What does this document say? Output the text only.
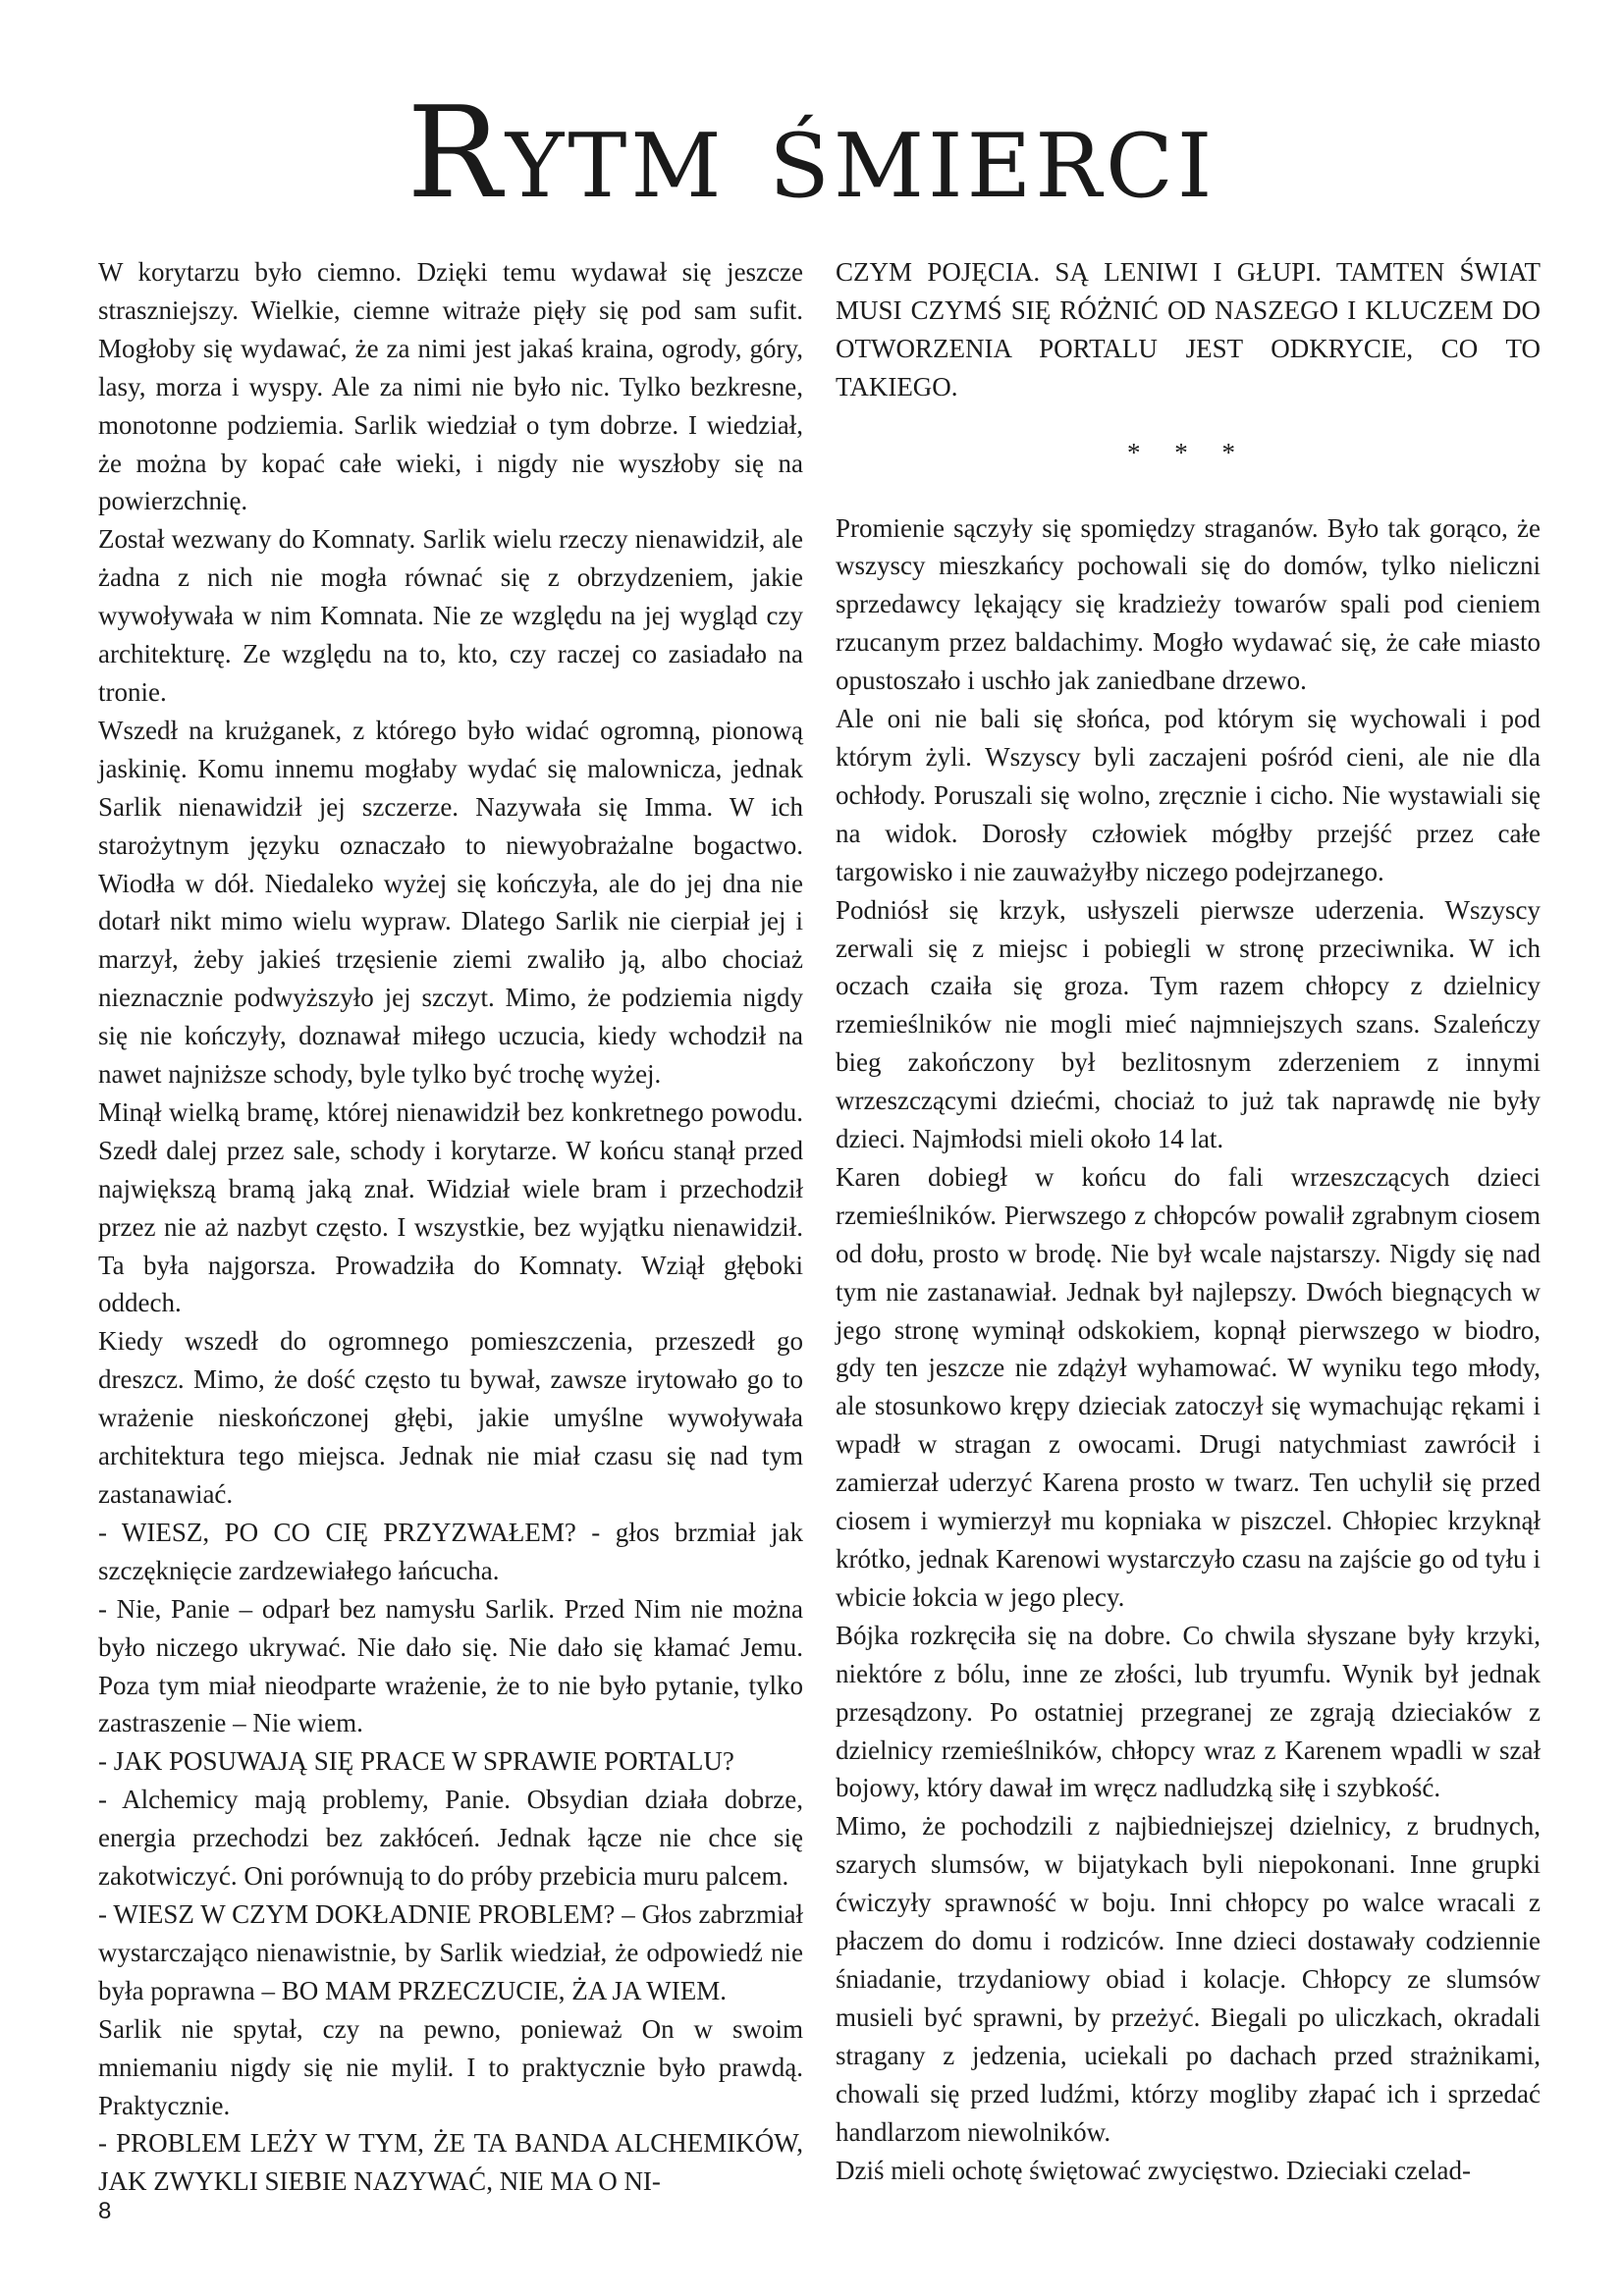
Rytm śmierci

W korytarzu było ciemno. Dzięki temu wydawał się jeszcze straszniejszy. Wielkie, ciemne witraże pięły się pod sam sufit. Mogłoby się wydawać, że za nimi jest jakaś kraina, ogrody, góry, lasy, morza i wyspy. Ale za nimi nie było nic. Tylko bezkresne, monotonne podziemia. Sarlik wiedział o tym dobrze. I wiedział, że można by kopać całe wieki, i nigdy nie wyszłoby się na powierzchnię.

Został wezwany do Komnaty. Sarlik wielu rzeczy nienawidził, ale żadna z nich nie mogła równać się z obrzydzeniem, jakie wywoływała w nim Komnata. Nie ze względu na jej wygląd czy architekturę. Ze względu na to, kto, czy raczej co zasiadało na tronie.

Wszedł na krużganek, z którego było widać ogromną, pionową jaskinię. Komu innemu mogłaby wydać się malownicza, jednak Sarlik nienawidził jej szczerze. Nazywała się Imma. W ich starożytnym języku oznaczało to niewyobrażalne bogactwo. Wiodła w dół. Niedaleko wyżej się kończyła, ale do jej dna nie dotarł nikt mimo wielu wypraw. Dlatego Sarlik nie cierpiał jej i marzył, żeby jakieś trzęsienie ziemi zwaliło ją, albo chociaż nieznacznie podwyższyło jej szczyt. Mimo, że podziemia nigdy się nie kończyły, doznawał miłego uczucia, kiedy wchodził na nawet najniższe schody, byle tylko być trochę wyżej.

Minął wielką bramę, której nienawidził bez konkretnego powodu. Szedł dalej przez sale, schody i korytarze. W końcu stanął przed największą bramą jaką znał. Widział wiele bram i przechodził przez nie aż nazbyt często. I wszystkie, bez wyjątku nienawidził. Ta była najgorsza. Prowadziła do Komnaty. Wziął głęboki oddech.

Kiedy wszedł do ogromnego pomieszczenia, przeszedł go dreszcz. Mimo, że dość często tu bywał, zawsze irytowało go to wrażenie nieskończonej głębi, jakie umyślne wywoływała architektura tego miejsca. Jednak nie miał czasu się nad tym zastanawiać.

- WIESZ, PO CO CIĘ PRZYZWAŁEM? - głos brzmiał jak szczęknięcie zardzewiałego łańcucha.

- Nie, Panie – odparł bez namysłu Sarlik. Przed Nim nie można było niczego ukrywać. Nie dało się. Nie dało się kłamać Jemu. Poza tym miał nieodparte wrażenie, że to nie było pytanie, tylko zastraszenie – Nie wiem.

- JAK POSUWAJĄ SIĘ PRACE W SPRAWIE PORTALU?

- Alchemicy mają problemy, Panie. Obsydian działa dobrze, energia przechodzi bez zakłóceń. Jednak łącze nie chce się zakotwiczyć. Oni porównują to do próby przebicia muru palcem.

- WIESZ W CZYM DOKŁADNIE PROBLEM? – Głos zabrzmiał wystarczająco nienawistnie, by Sarlik wiedział, że odpowiedź nie była poprawna – BO MAM PRZECZUCIE, ŻA JA WIEM.

Sarlik nie spytał, czy na pewno, ponieważ On w swoim mniemaniu nigdy się nie mylił. I to praktycznie było prawdą. Praktycznie.

- PROBLEM LEŻY W TYM, ŻE TA BANDA ALCHEMIKÓW, JAK ZWYKLI SIEBIE NAZYWAĆ, NIE MA O NI-

CZYM POJĘCIA. SĄ LENIWI I GŁUPI. TAMTEN ŚWIAT MUSI CZYMŚ SIĘ RÓŻNIĆ OD NASZEGO I KLUCZEM DO OTWORZENIA PORTALU JEST ODKRYCIE, CO TO TAKIEGO.

* * *

Promienie sączyły się spomiędzy straganów. Było tak gorąco, że wszyscy mieszkańcy pochowali się do domów, tylko nieliczni sprzedawcy lękający się kradzieży towarów spali pod cieniem rzucanym przez baldachimy. Mogło wydawać się, że całe miasto opustoszało i uschło jak zaniedbane drzewo.

Ale oni nie bali się słońca, pod którym się wychowali i pod którym żyli. Wszyscy byli zaczajeni pośród cieni, ale nie dla ochłody. Poruszali się wolno, zręcznie i cicho. Nie wystawiali się na widok. Dorosły człowiek mógłby przejść przez całe targowisko i nie zauważyłby niczego podejrzanego.

Podniósł się krzyk, usłyszeli pierwsze uderzenia. Wszyscy zerwali się z miejsc i pobiegli w stronę przeciwnika. W ich oczach czaiła się groza. Tym razem chłopcy z dzielnicy rzemieślników nie mogli mieć najmniejszych szans. Szaleńczy bieg zakończony był bezlitosnym zderzeniem z innymi wrzeszczącymi dziećmi, chociaż to już tak naprawdę nie były dzieci. Najmłodsi mieli około 14 lat.

Karen dobiegł w końcu do fali wrzeszczących dzieci rzemieślników. Pierwszego z chłopców powalił zgrabnym ciosem od dołu, prosto w brodę. Nie był wcale najstarszy. Nigdy się nad tym nie zastanawiał. Jednak był najlepszy. Dwóch biegnących w jego stronę wyminął odskokiem, kopnął pierwszego w biodro, gdy ten jeszcze nie zdążył wyhamować. W wyniku tego młody, ale stosunkowo krępy dzieciak zatoczył się wymachując rękami i wpadł w stragan z owocami. Drugi natychmiast zawrócił i zamierzał uderzyć Karena prosto w twarz. Ten uchylił się przed ciosem i wymierzył mu kopniaka w piszczel. Chłopiec krzyknął krótko, jednak Karenowi wystarczyło czasu na zajście go od tyłu i wbicie łokcia w jego plecy.

Bójka rozkręciła się na dobre. Co chwila słyszane były krzyki, niektóre z bólu, inne ze złości, lub tryumfu. Wynik był jednak przesądzony. Po ostatniej przegranej ze zgrają dzieciaków z dzielnicy rzemieślników, chłopcy wraz z Karenem wpadli w szał bojowy, który dawał im wręcz nadludzką siłę i szybkość.

Mimo, że pochodzili z najbiedniejszej dzielnicy, z brudnych, szarych slumsów, w bijatykach byli niepokonani. Inne grupki ćwiczyły sprawność w boju. Inni chłopcy po walce wracali z płaczem do domu i rodziców. Inne dzieci dostawały codziennie śniadanie, trzydaniowy obiad i kolacje. Chłopcy ze slumsów musieli być sprawni, by przeżyć. Biegali po uliczkach, okradali stragany z jedzenia, uciekali po dachach przed strażnikami, chowali się przed ludźmi, którzy mogliby złapać ich i sprzedać handlarzom niewolników.

Dziś mieli ochotę świętować zwycięstwo. Dzieciaki czelad-

8
